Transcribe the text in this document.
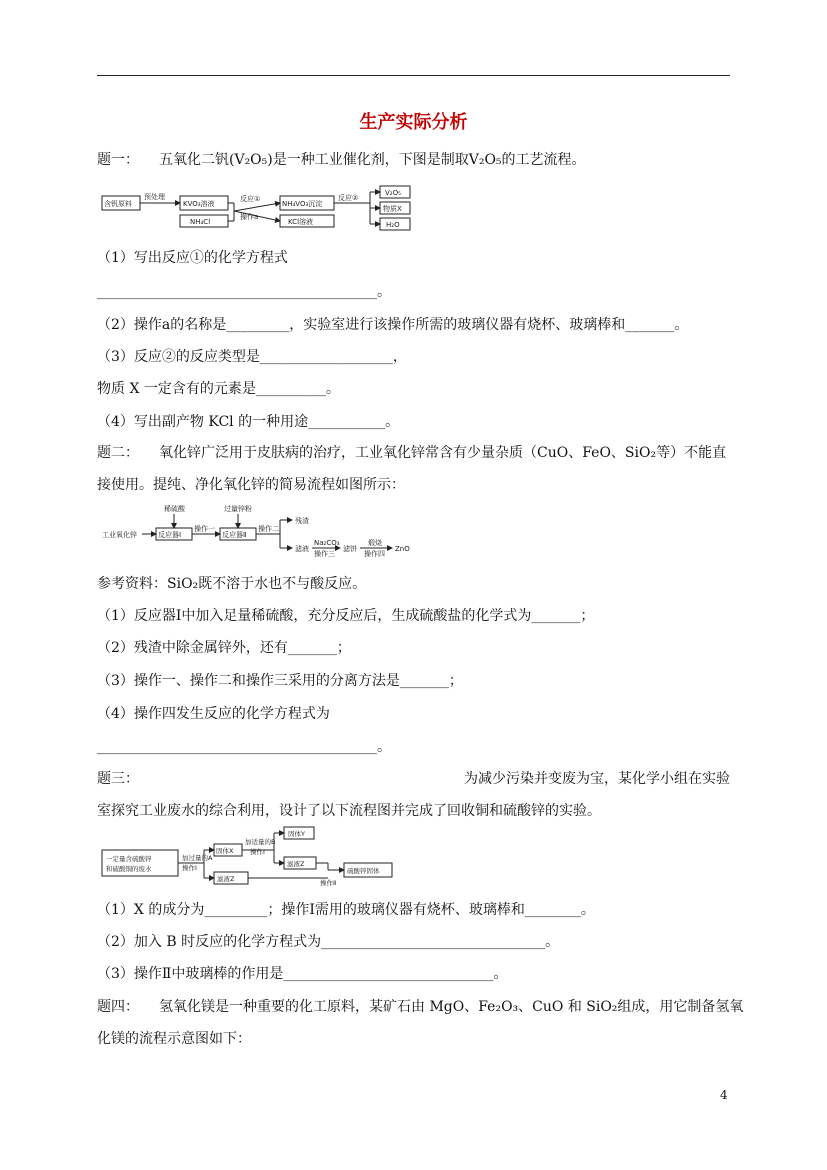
生产实际分析
题一： 五氧化二钒(V₂O₅)是一种工业催化剂，下图是制取V₂O₅的工艺流程。
含钒原料
预处理
KVO₃溶液
NH₄Cl
反应①
操作a
NH₄VO₃沉淀
KCl溶液
反应②
V₂O₅
物质X
H₂O
（1）写出反应①的化学方程式
________________________________________。
（2）操作a的名称是_________，实验室进行该操作所需的玻璃仪器有烧杯、玻璃棒和_______。
（3）反应②的反应类型是___________________，
物质 X 一定含有的元素是__________。
（4）写出副产物 KCl 的一种用途___________。
题二： 氧化锌广泛用于皮肤病的治疗，工业氧化锌常含有少量杂质（CuO、FeO、SiO₂等）不能直
接使用。提纯、净化氧化锌的简易流程如图所示：
工业氧化锌
稀硫酸
操作一
反应器Ⅰ
过量锌粉
反应器Ⅱ
操作二
残渣
滤液
Na₂CO₃
操作三
滤饼
煅烧
操作四
ZnO
参考资料：SiO₂既不溶于水也不与酸反应。
（1）反应器Ⅰ中加入足量稀硫酸，充分反应后，生成硫酸盐的化学式为_______；
（2）残渣中除金属锌外，还有_______；
（3）操作一、操作二和操作三采用的分离方法是_______；
（4）操作四发生反应的化学方程式为
________________________________________。
题三：	为减少污染并变废为宝，某化学小组在实验
室探究工业废水的综合利用，设计了以下流程图并完成了回收铜和硫酸锌的实验。
一定量含硫酸锌
和硫酸铜的废水
加过量的A
操作Ⅰ
固体X
加适量的B
操作Ⅰ
固体Y
滤液Z
滤液Z	操作Ⅱ
硫酸锌固体
（1）X 的成分为_________；操作Ⅰ需用的玻璃仪器有烧杯、玻璃棒和________。
（2）加入 B 时反应的化学方程式为________________________________。
（3）操作Ⅱ中玻璃棒的作用是______________________________。
题四： 氢氧化镁是一种重要的化工原料，某矿石由 MgO、Fe₂O₃、CuO 和 SiO₂组成，用它制备氢氧
化镁的流程示意图如下：
4
